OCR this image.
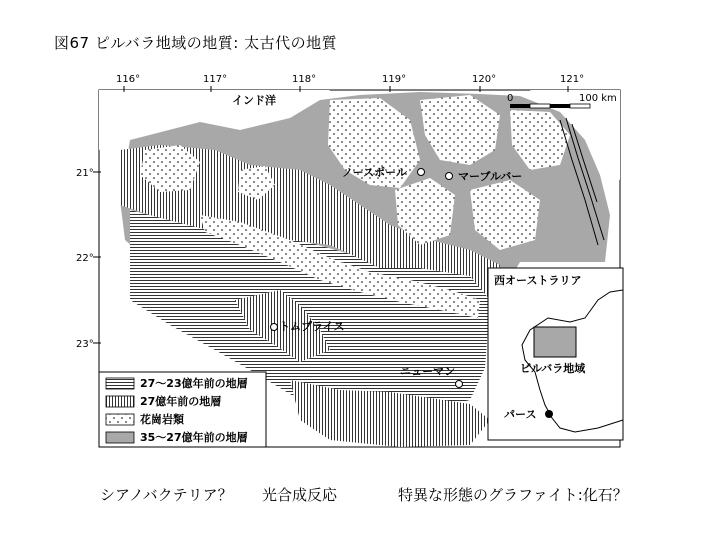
図67 ピルバラ地域の地質: 太古代の地質
116°	117°	118°	119°	120°	121°
21°
22°
23°
0	100 km
インド洋
ノースポール	マーブルバー
トムプライス
ニューマン
27～23億年前の地層
27億年前の地層
花崗岩類
35～27億年前の地層
西オーストラリア
ピルバラ地域
パース
シアノバクテリア？ 光合成反応	特異な形態のグラファイト:化石？
